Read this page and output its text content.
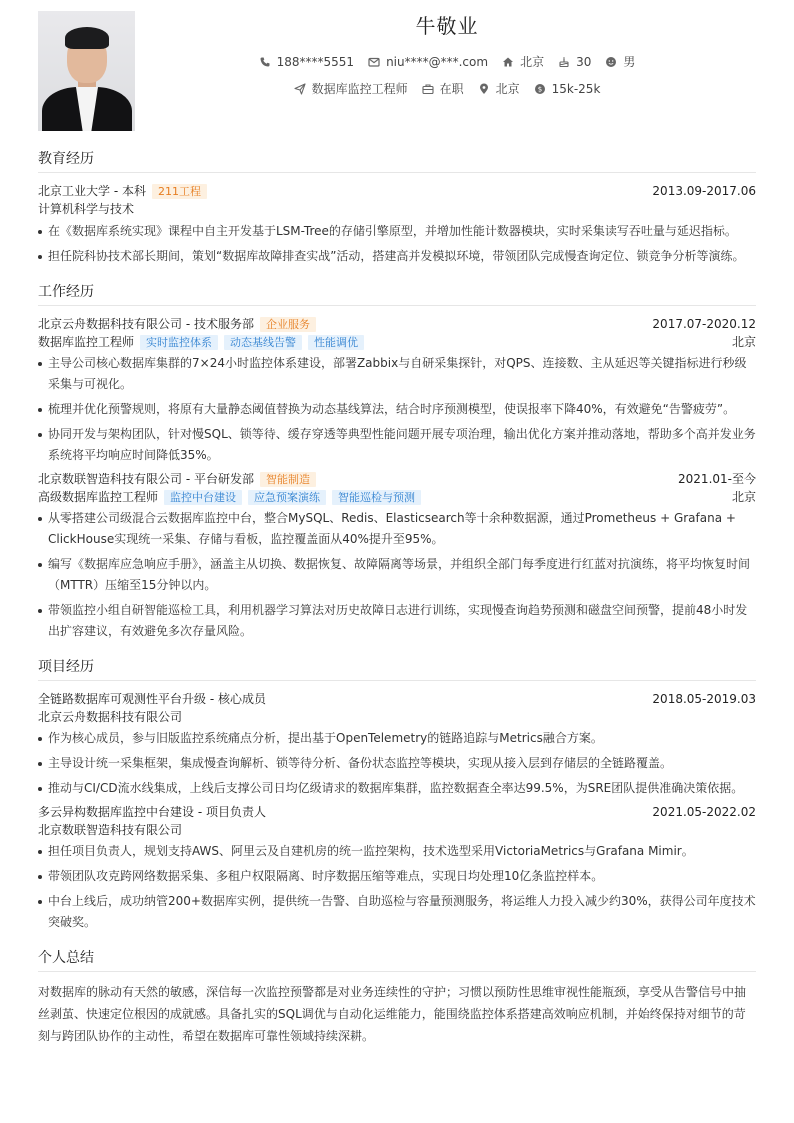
牛敬业
188****5551	niu****@***.com	北京	30	男
数据库监控工程师	在职	北京	$ 15k-25k
教育经历
北京工业大学 - 本科	211工程	2013.09-2017.06
计算机科学与技术
在《数据库系统实现》课程中自主开发基于LSM-Tree的存储引擎原型，并增加性能计数器模块，实时采集读写吞吐量与延迟指标。
担任院科协技术部长期间，策划“数据库故障排查实战”活动，搭建高并发模拟环境，带领团队完成慢查询定位、锁竞争分析等演练。
工作经历
北京云舟数据科技有限公司 - 技术服务部	企业服务	2017.07-2020.12
数据库监控工程师	实时监控体系	动态基线告警	性能调优	北京
主导公司核心数据库集群的7×24小时监控体系建设，部署Zabbix与自研采集探针，对QPS、连接数、主从延迟等关键指标进行秒级采集与可视化。
梳理并优化预警规则，将原有大量静态阈值替换为动态基线算法，结合时序预测模型，使误报率下降40%，有效避免“告警疲劳”。
协同开发与架构团队，针对慢SQL、锁等待、缓存穿透等典型性能问题开展专项治理，输出优化方案并推动落地，帮助多个高并发业务系统将平均响应时间降低35%。
北京数联智造科技有限公司 - 平台研发部	智能制造	2021.01-至今
高级数据库监控工程师	监控中台建设	应急预案演练	智能巡检与预测	北京
从零搭建公司级混合云数据库监控中台，整合MySQL、Redis、Elasticsearch等十余种数据源，通过Prometheus + Grafana + ClickHouse实现统一采集、存储与看板，监控覆盖面从40%提升至95%。
编写《数据库应急响应手册》，涵盖主从切换、数据恢复、故障隔离等场景，并组织全部门每季度进行红蓝对抗演练，将平均恢复时间（MTTR）压缩至15分钟以内。
带领监控小组自研智能巡检工具，利用机器学习算法对历史故障日志进行训练，实现慢查询趋势预测和磁盘空间预警，提前48小时发出扩容建议，有效避免多次存量风险。
项目经历
全链路数据库可观测性平台升级 - 核心成员	2018.05-2019.03
北京云舟数据科技有限公司
作为核心成员，参与旧版监控系统痛点分析，提出基于OpenTelemetry的链路追踪与Metrics融合方案。
主导设计统一采集框架，集成慢查询解析、锁等待分析、备份状态监控等模块，实现从接入层到存储层的全链路覆盖。
推动与CI/CD流水线集成，上线后支撑公司日均亿级请求的数据库集群，监控数据查全率达99.5%，为SRE团队提供准确决策依据。
多云异构数据库监控中台建设 - 项目负责人	2021.05-2022.02
北京数联智造科技有限公司
担任项目负责人，规划支持AWS、阿里云及自建机房的统一监控架构，技术选型采用VictoriaMetrics与Grafana Mimir。
带领团队攻克跨网络数据采集、多租户权限隔离、时序数据压缩等难点，实现日均处理10亿条监控样本。
中台上线后，成功纳管200+数据库实例，提供统一告警、自助巡检与容量预测服务，将运维人力投入减少约30%，获得公司年度技术突破奖。
个人总结

对数据库的脉动有天然的敏感，深信每一次监控预警都是对业务连续性的守护；习惯以预防性思维审视性能瓶颈，享受从告警信号中抽丝剥茧、快速定位根因的成就感。具备扎实的SQL调优与自动化运维能力，能围绕监控体系搭建高效响应机制，并始终保持对细节的苛刻与跨团队协作的主动性，希望在数据库可靠性领域持续深耕。
